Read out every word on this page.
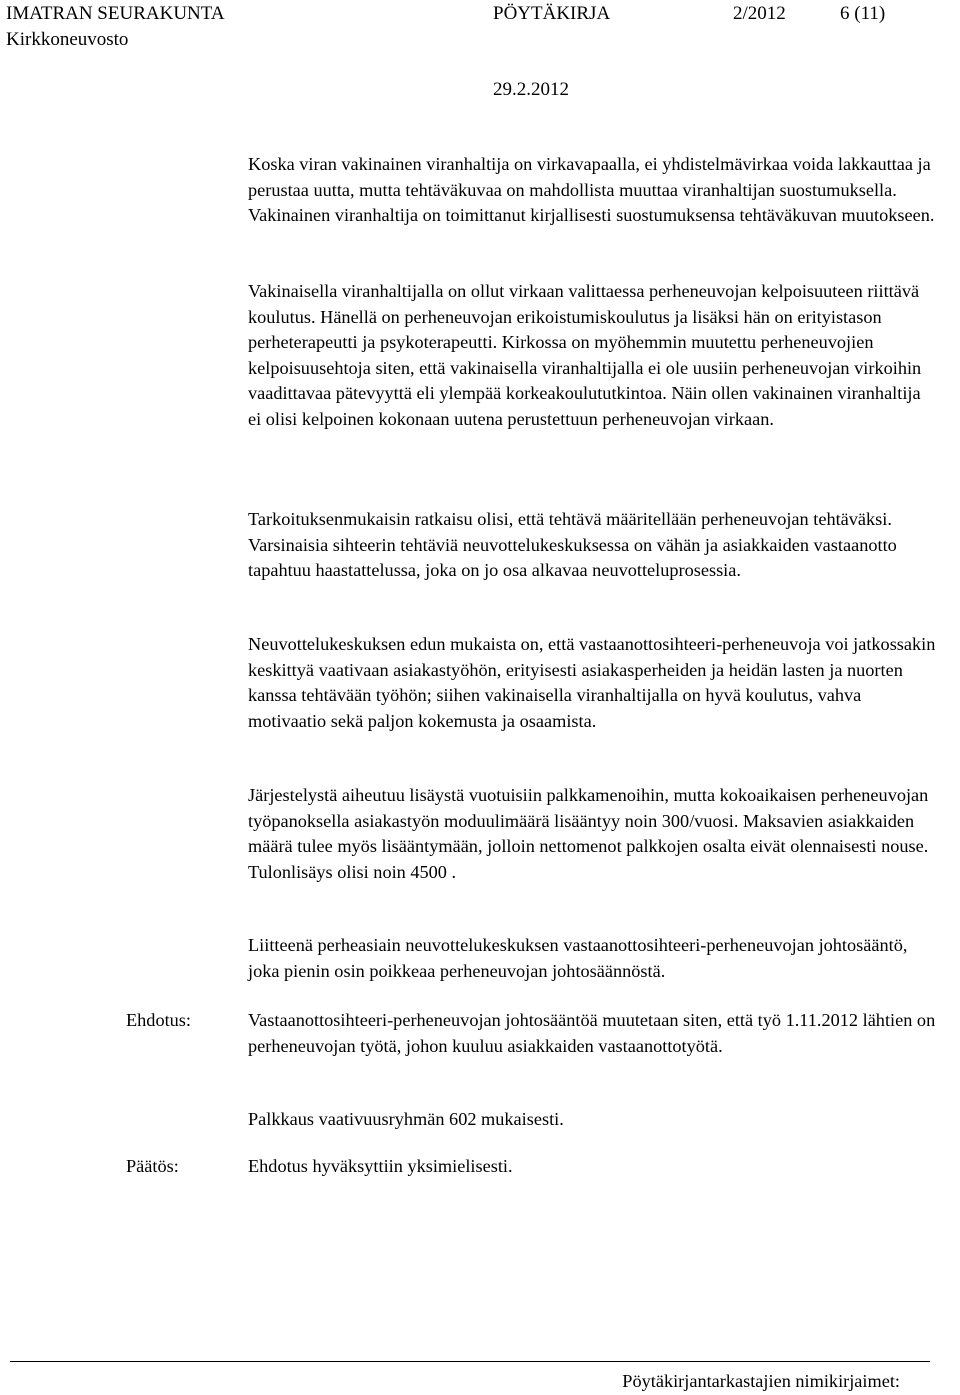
IMATRAN SEURAKUNTA	PÖYTÄKIRJA	2/2012	6 (11)
Kirkkoneuvosto
29.2.2012

Koska viran vakinainen viranhaltija on virkavapaalla, ei yhdistelmävirkaa voida lakkauttaa ja perustaa uutta, mutta tehtäväkuvaa on mahdollista muuttaa viranhaltijan suostumuksella. Vakinainen viranhaltija on toimittanut kirjallisesti suostumuksensa tehtäväkuvan muutokseen.

Vakinaisella viranhaltijalla on ollut virkaan valittaessa perheneuvojan kelpoisuuteen riittävä koulutus. Hänellä on perheneuvojan erikoistumiskoulutus ja lisäksi hän on erityistason perheterapeutti ja psykoterapeutti. Kirkossa on myöhemmin muutettu perheneuvojien kelpoisuusehtoja siten, että vakinaisella viranhaltijalla ei ole uusiin perheneuvojan virkoihin vaadittavaa pätevyyttä eli ylempää korkeakoulututkintoa. Näin ollen vakinainen viranhaltija ei olisi kelpoinen kokonaan uutena perustettuun perheneuvojan virkaan.

Tarkoituksenmukaisin ratkaisu olisi, että tehtävä määritellään perheneuvojan tehtäväksi. Varsinaisia sihteerin tehtäviä neuvottelukeskuksessa on vähän ja asiakkaiden vastaanotto tapahtuu haastattelussa, joka on jo osa alkavaa neuvotteluprosessia.

Neuvottelukeskuksen edun mukaista on, että vastaanottosihteeri-perheneuvoja voi jatkossakin keskittyä vaativaan asiakastyöhön, erityisesti asiakasperheiden ja heidän lasten ja nuorten kanssa tehtävään työhön; siihen vakinaisella viranhaltijalla on hyvä koulutus, vahva motivaatio sekä paljon kokemusta ja osaamista.

Järjestelystä aiheutuu lisäystä vuotuisiin palkkamenoihin, mutta kokoaikaisen perheneuvojan työpanoksella asiakastyön moduulimäärä lisääntyy noin 300/vuosi. Maksavien asiakkaiden määrä tulee myös lisääntymään, jolloin nettomenot palkkojen osalta eivät olennaisesti nouse. Tulonlisäys olisi noin 4500 .

Liitteenä perheasiain neuvottelukeskuksen vastaanottosihteeri-perheneuvojan johtosääntö, joka pienin osin poikkeaa perheneuvojan johtosäännöstä.

Ehdotus:	Vastaanottosihteeri-perheneuvojan johtosääntöä muutetaan siten, että työ 1.11.2012 lähtien on perheneuvojan työtä, johon kuuluu asiakkaiden vastaanottotyötä.

Palkkaus vaativuusryhmän 602 mukaisesti.

Päätös:	Ehdotus hyväksyttiin yksimielisesti.

Pöytäkirjantarkastajien nimikirjaimet:
